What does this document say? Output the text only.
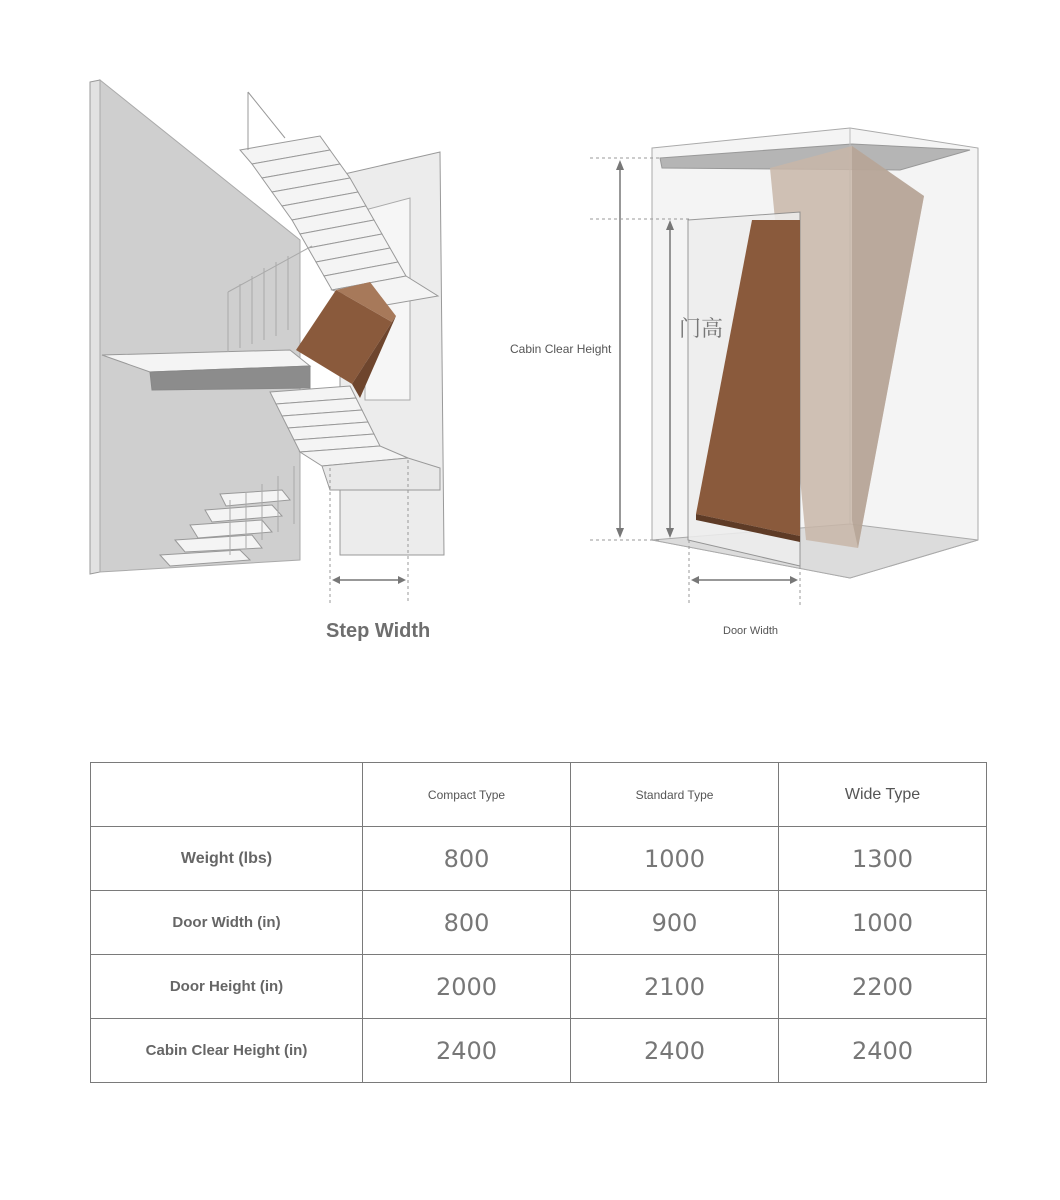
Step Width
Cabin Clear Height
门高
Door Width
	Compact Type	Standard Type	Wide Type
Weight (lbs)	800	1000	1300
Door Width (in)	800	900	1000
Door Height (in)	2000	2100	2200
Cabin Clear Height (in)	2400	2400	2400
